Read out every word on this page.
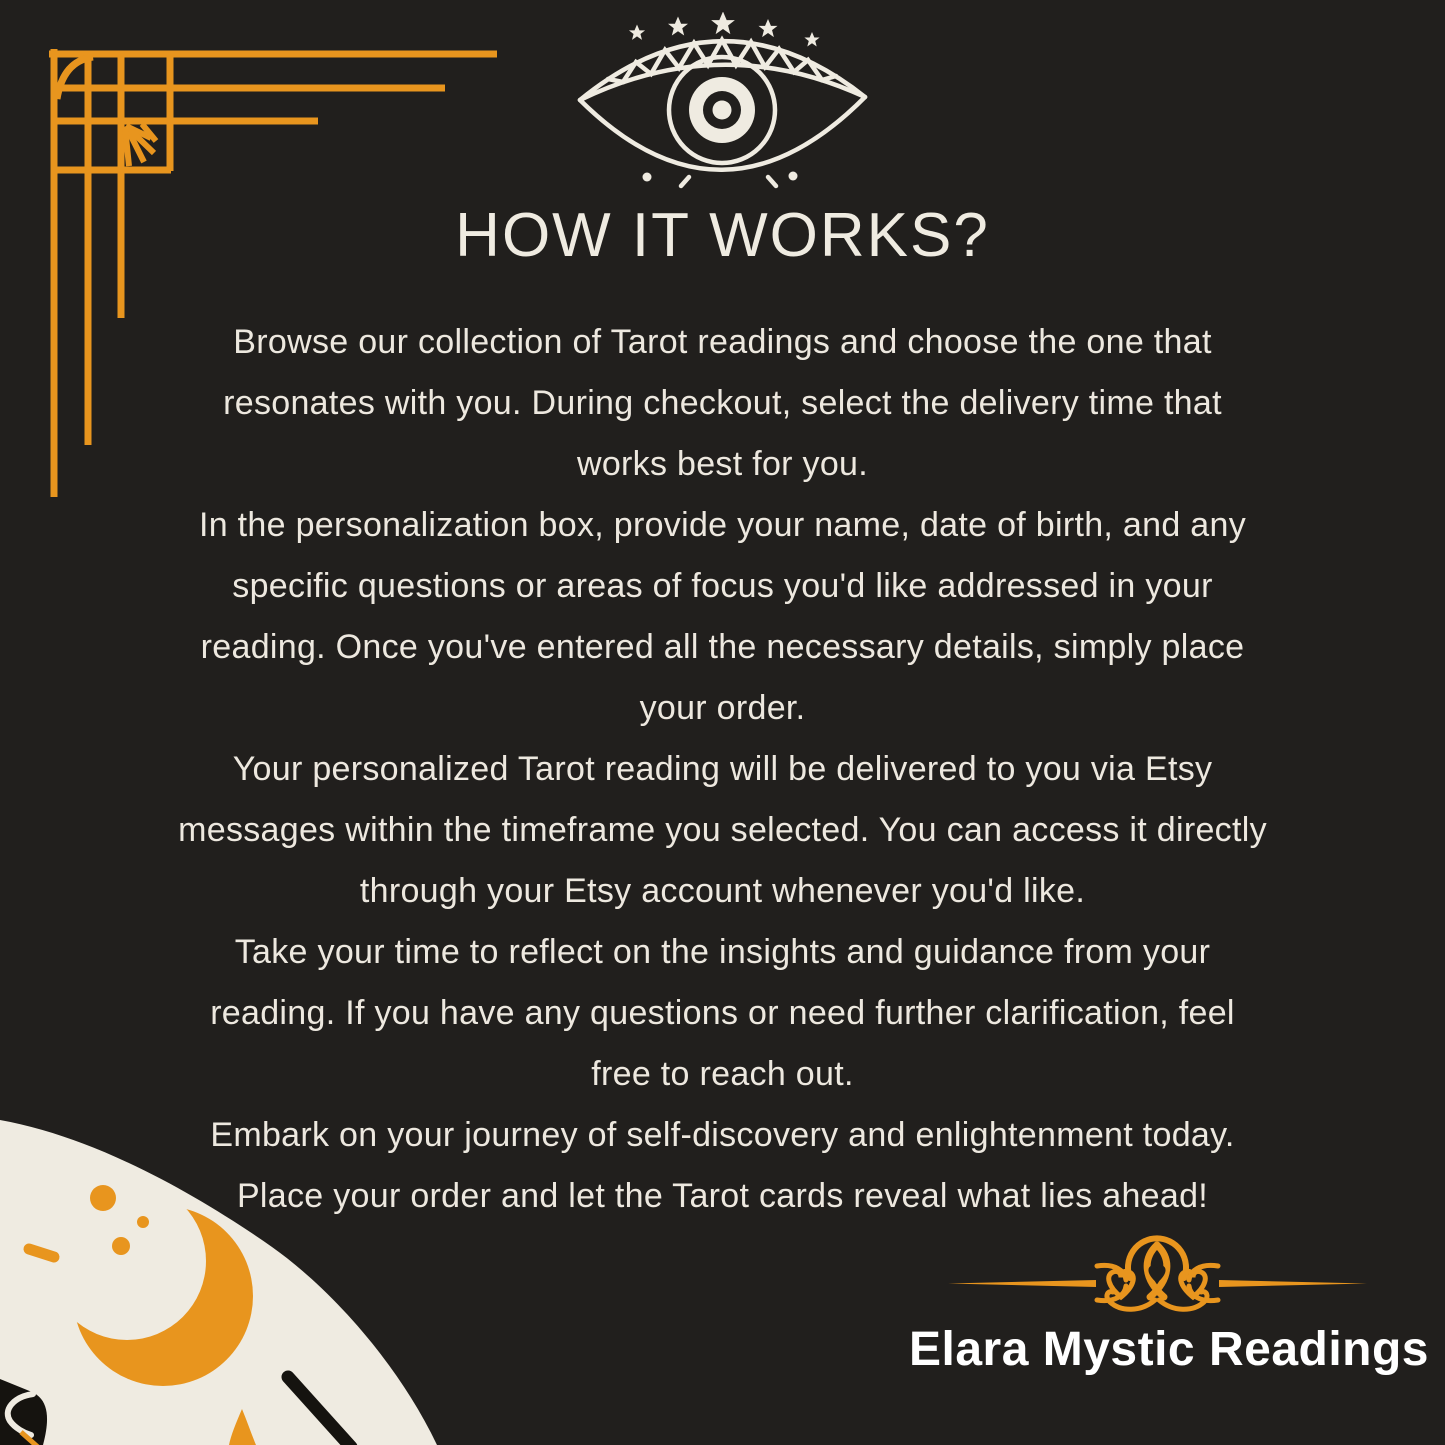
HOW IT WORKS?

Browse our collection of Tarot readings and choose the one that
resonates with you. During checkout, select the delivery time that
works best for you.

In the personalization box, provide your name, date of birth, and any
specific questions or areas of focus you'd like addressed in your
reading. Once you've entered all the necessary details, simply place
your order.

Your personalized Tarot reading will be delivered to you via Etsy
messages within the timeframe you selected. You can access it directly
through your Etsy account whenever you'd like.

Take your time to reflect on the insights and guidance from your
reading. If you have any questions or need further clarification, feel
free to reach out.

Embark on your journey of self-discovery and enlightenment today.
Place your order and let the Tarot cards reveal what lies ahead!

Elara Mystic Readings
